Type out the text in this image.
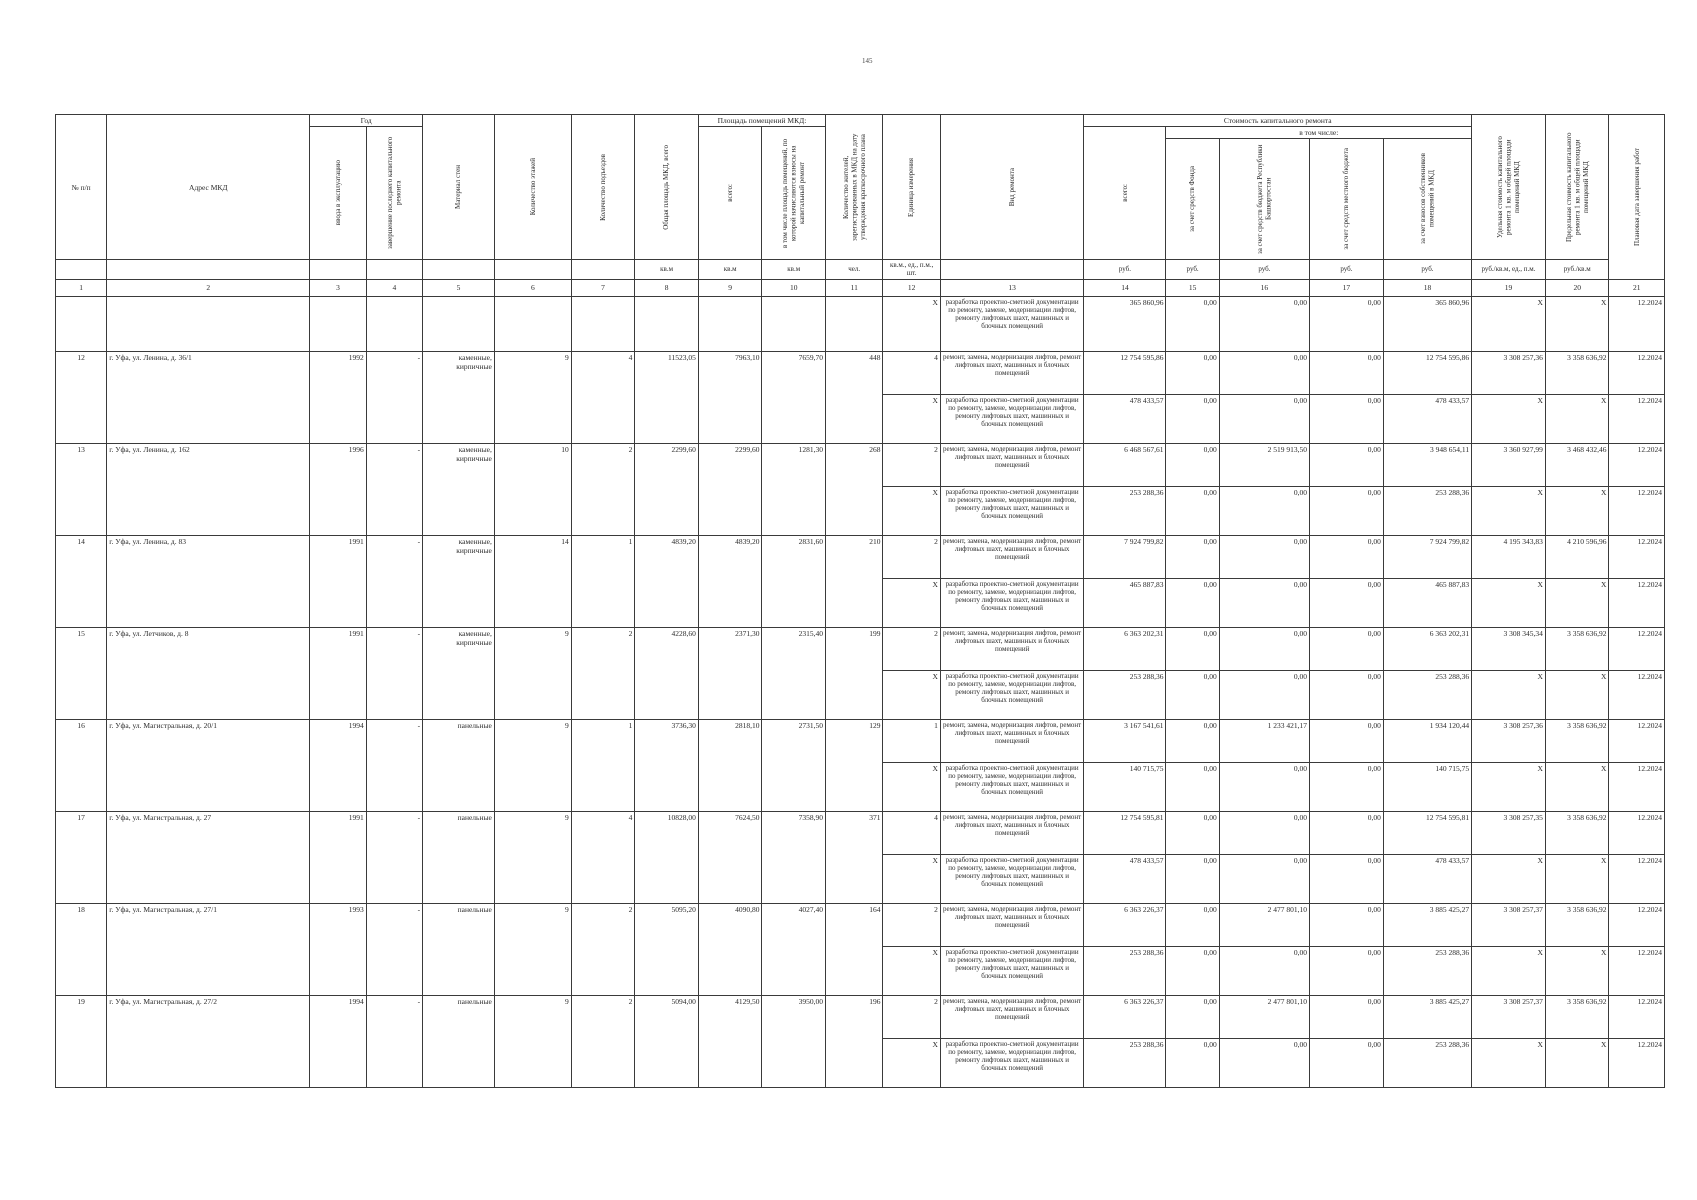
145
№ п/п	Адрес МКД	Год		Материал стен	Количество этажей	Количество подъездов	Общая площадь МКД, всего	Площадь помещений МКД:		Количество жителей, зарегистрированных в МКД на дату утверждения краткосрочного плана	Единица измерения	Вид ремонта	Стоимость капитального ремонта					Удельная стоимость капитального ремонта 1 кв. м общей площади помещений МКД	Предельная стоимость капитального ремонта 1 кв. м общей площади помещений МКД	Плановая дата завершения работ

		ввода в эксплуатацию	завершение последнего капитального ремонта					всего:	в том числе площадь помещений, по которой начисляются взносы на капитальный ремонт				всего:	в том числе:						

														за счет средств Фонда	за счет средств бюджета Республики Башкортостан	за счет средств местного бюджета	за счет взносов собственников помещений в МКД			

							кв.м	кв.м	кв.м	чел.	кв.м., ед., п.м., шт.		руб.	руб.	руб.	руб.	руб.	руб./кв.м, ед., п.м.	руб./кв.м	
1	2	3	4	5	6	7	8	9	10	11	12	13	14	15	16	17	18	19	20	21
											X	разработка проектно-сметной документации по ремонту, замене, модернизации лифтов, ремонту лифтовых шахт, машинных и блочных помещений	365 860,96	0,00	0,00	0,00	365 860,96	X	X	12.2024
12	г. Уфа, ул. Ленина, д. 36/1	1992	-	каменные, кирпичные	9	4	11523,05	7963,10	7659,70	448	4	ремонт, замена, модернизация лифтов, ремонт лифтовых шахт, машинных и блочных помещений	12 754 595,86	0,00	0,00	0,00	12 754 595,86	3 308 257,36	3 358 636,92	12.2024
											X	разработка проектно-сметной документации по ремонту, замене, модернизации лифтов, ремонту лифтовых шахт, машинных и блочных помещений	478 433,57	0,00	0,00	0,00	478 433,57	X	X	12.2024
13	г. Уфа, ул. Ленина, д. 162	1996	-	каменные, кирпичные	10	2	2299,60	2299,60	1281,30	268	2	ремонт, замена, модернизация лифтов, ремонт лифтовых шахт, машинных и блочных помещений	6 468 567,61	0,00	2 519 913,50	0,00	3 948 654,11	3 360 927,99	3 468 432,46	12.2024
											X	разработка проектно-сметной документации по ремонту, замене, модернизации лифтов, ремонту лифтовых шахт, машинных и блочных помещений	253 288,36	0,00	0,00	0,00	253 288,36	X	X	12.2024
14	г. Уфа, ул. Ленина, д. 83	1991	-	каменные, кирпичные	14	1	4839,20	4839,20	2831,60	210	2	ремонт, замена, модернизация лифтов, ремонт лифтовых шахт, машинных и блочных помещений	7 924 799,82	0,00	0,00	0,00	7 924 799,82	4 195 343,83	4 210 596,96	12.2024
											X	разработка проектно-сметной документации по ремонту, замене, модернизации лифтов, ремонту лифтовых шахт, машинных и блочных помещений	465 887,83	0,00	0,00	0,00	465 887,83	X	X	12.2024
15	г. Уфа, ул. Летчиков, д. 8	1991	-	каменные, кирпичные	9	2	4228,60	2371,30	2315,40	199	2	ремонт, замена, модернизация лифтов, ремонт лифтовых шахт, машинных и блочных помещений	6 363 202,31	0,00	0,00	0,00	6 363 202,31	3 308 345,34	3 358 636,92	12.2024
											X	разработка проектно-сметной документации по ремонту, замене, модернизации лифтов, ремонту лифтовых шахт, машинных и блочных помещений	253 288,36	0,00	0,00	0,00	253 288,36	X	X	12.2024
16	г. Уфа, ул. Магистральная, д. 20/1	1994	-	панельные	9	1	3736,30	2818,10	2731,50	129	1	ремонт, замена, модернизация лифтов, ремонт лифтовых шахт, машинных и блочных помещений	3 167 541,61	0,00	1 233 421,17	0,00	1 934 120,44	3 308 257,36	3 358 636,92	12.2024
											X	разработка проектно-сметной документации по ремонту, замене, модернизации лифтов, ремонту лифтовых шахт, машинных и блочных помещений	140 715,75	0,00	0,00	0,00	140 715,75	X	X	12.2024
17	г. Уфа, ул. Магистральная, д. 27	1991	-	панельные	9	4	10828,00	7624,50	7358,90	371	4	ремонт, замена, модернизация лифтов, ремонт лифтовых шахт, машинных и блочных помещений	12 754 595,81	0,00	0,00	0,00	12 754 595,81	3 308 257,35	3 358 636,92	12.2024
											X	разработка проектно-сметной документации по ремонту, замене, модернизации лифтов, ремонту лифтовых шахт, машинных и блочных помещений	478 433,57	0,00	0,00	0,00	478 433,57	X	X	12.2024
18	г. Уфа, ул. Магистральная, д. 27/1	1993	-	панельные	9	2	5095,20	4090,80	4027,40	164	2	ремонт, замена, модернизация лифтов, ремонт лифтовых шахт, машинных и блочных помещений	6 363 226,37	0,00	2 477 801,10	0,00	3 885 425,27	3 308 257,37	3 358 636,92	12.2024
											X	разработка проектно-сметной документации по ремонту, замене, модернизации лифтов, ремонту лифтовых шахт, машинных и блочных помещений	253 288,36	0,00	0,00	0,00	253 288,36	X	X	12.2024
19	г. Уфа, ул. Магистральная, д. 27/2	1994	-	панельные	9	2	5094,00	4129,50	3950,00	196	2	ремонт, замена, модернизация лифтов, ремонт лифтовых шахт, машинных и блочных помещений	6 363 226,37	0,00	2 477 801,10	0,00	3 885 425,27	3 308 257,37	3 358 636,92	12.2024
											X	разработка проектно-сметной документации по ремонту, замене, модернизации лифтов, ремонту лифтовых шахт, машинных и блочных помещений	253 288,36	0,00	0,00	0,00	253 288,36	X	X	12.2024
